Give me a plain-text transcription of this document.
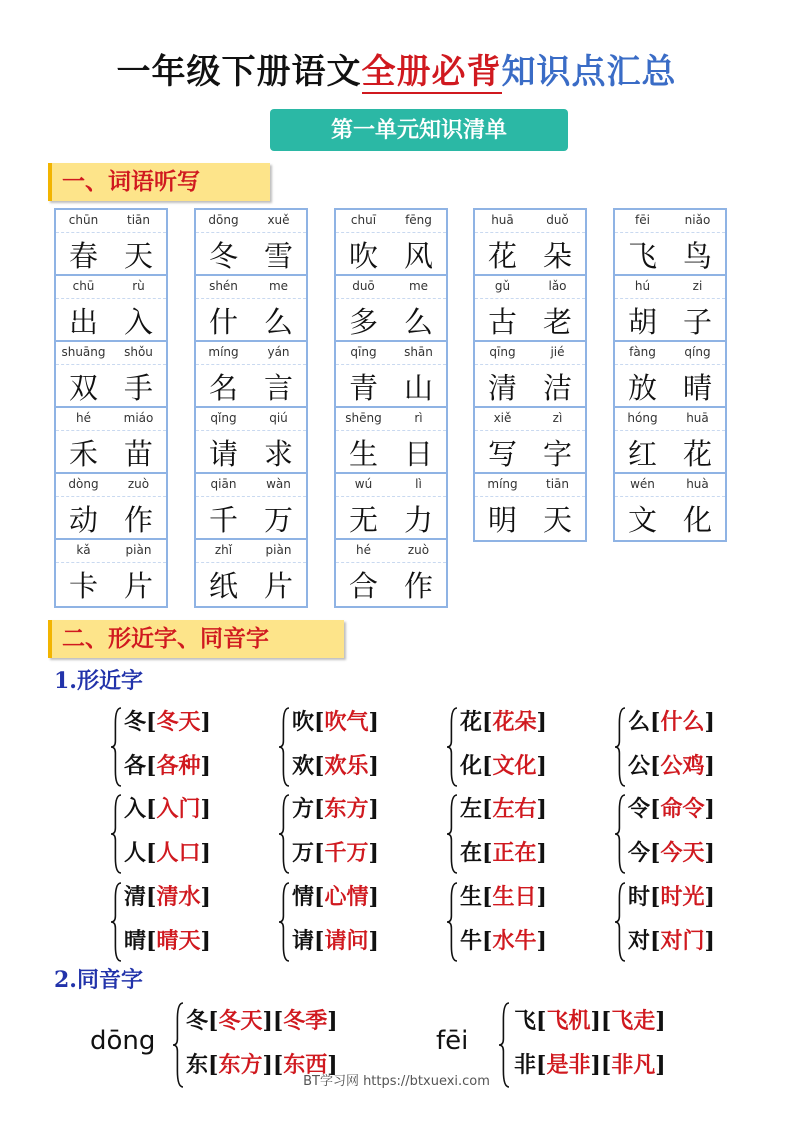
一年级下册语文全册必背知识点汇总
第一单元知识清单
一、词语听写
chūn	tiān
春 天
chū	rù
出 入
shuāng	shǒu
双 手
hé	miáo
禾 苗
dòng	zuò
动 作
kǎ	piàn
卡 片
dōng	xuě
冬 雪
shén	me
什 么
míng	yán
名 言
qǐng	qiú
请 求
qiān	wàn
千 万
zhǐ	piàn
纸 片
chuī	fēng
吹 风
duō	me
多 么
qīng	shān
青 山
shēng	rì
生 日
wú	lì
无 力
hé	zuò
合 作
huā	duǒ
花 朵
gǔ	lǎo
古 老
qīng	jié
清 洁
xiě	zì
写 字
míng	tiān
明 天
fēi	niǎo
飞 鸟
hú	zi
胡 子
fàng	qíng
放 晴
hóng	huā
红 花
wén	huà
文 化
二、形近字、同音字
1.形近字
冬[冬天]
各[各种]
吹[吹气]
欢[欢乐]
花[花朵]
化[文化]
么[什么]
公[公鸡]
入[入门]
人[人口]
方[东方]
万[千万]
左[左右]
在[正在]
令[命令]
今[今天]
清[清水]
晴[晴天]
情[心情]
请[请问]
生[生日]
牛[水牛]
时[时光]
对[对门]
2.同音字
dōng
冬[冬天][冬季]
东[东方][东西]
fēi
飞[飞机][飞走]
非[是非][非凡]
BT学习网 https://btxuexi.com
